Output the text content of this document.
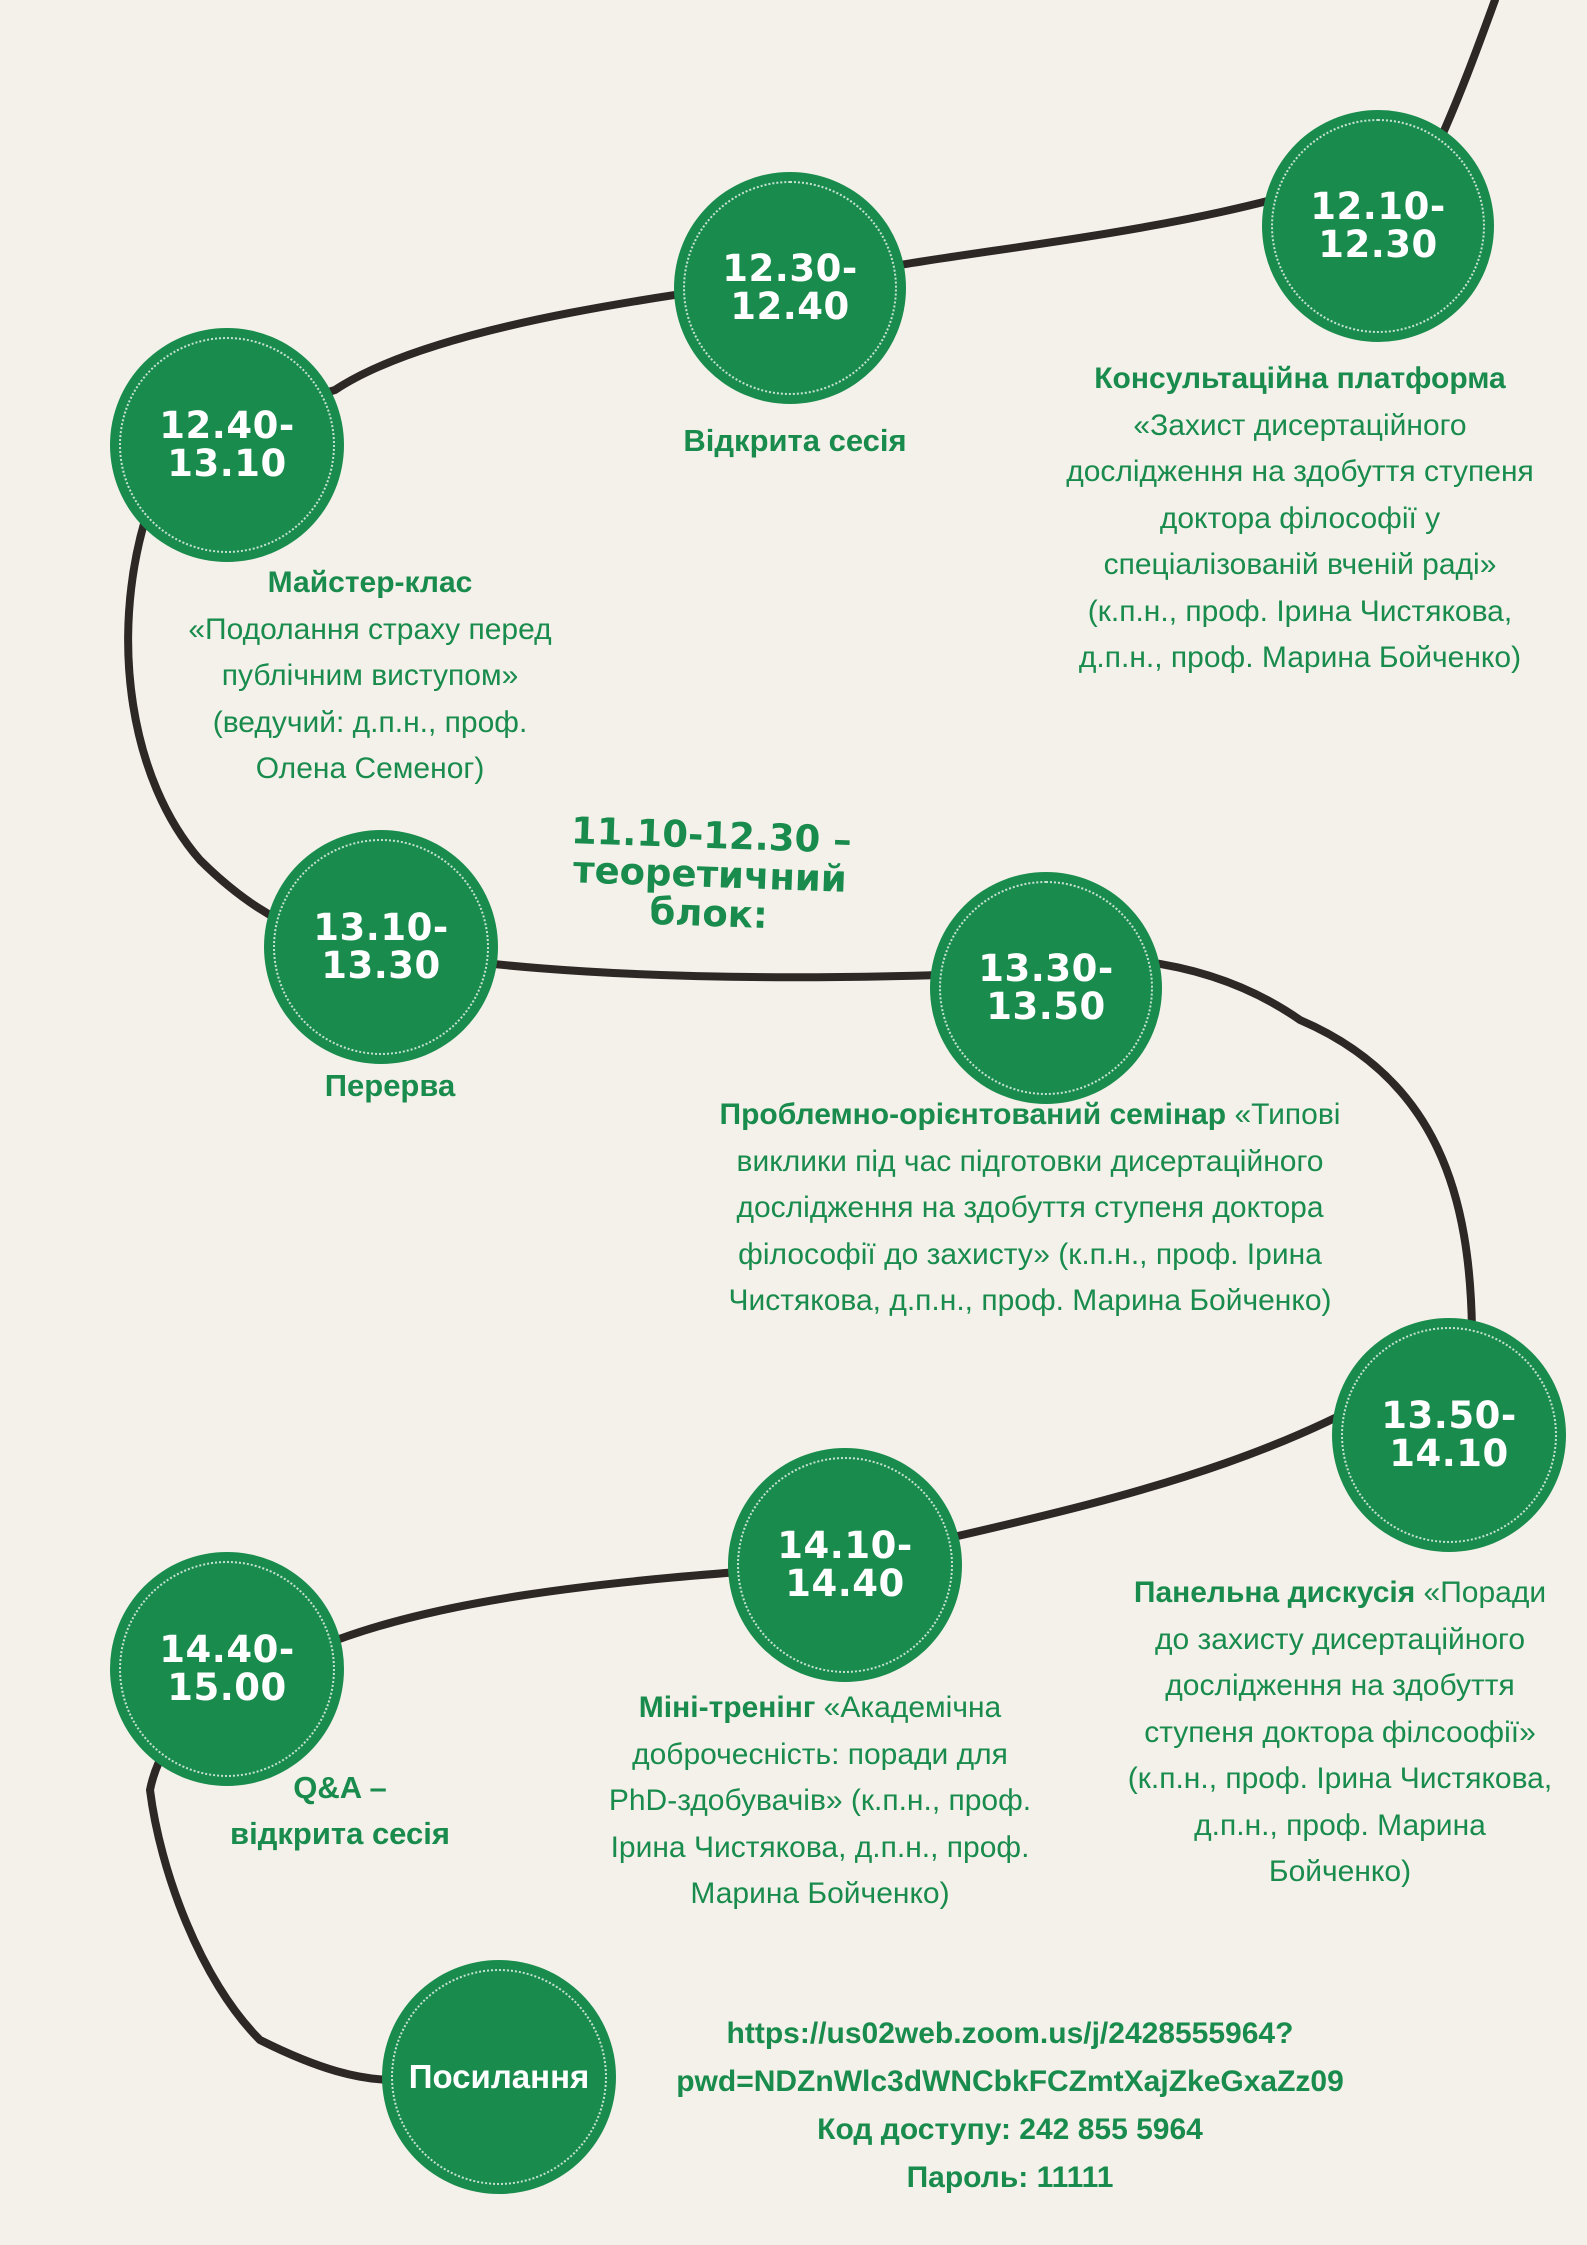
11.10-12.30 –
теоретичний
блок:
12.10-
12.30
Консультаційна платформа
«Захист дисертаційного
дослідження на здобуття ступеня
доктора філософії у
спеціалізованій вченій раді»
(к.п.н., проф. Ірина Чистякова,
д.п.н., проф. Марина Бойченко)
12.30-
12.40
Відкрита сесія
12.40-
13.10
Майстер-клас
«Подолання страху перед
публічним виступом»
(ведучий: д.п.н., проф.
Олена Семеног)
13.10-
13.30
Перерва
13.30-
13.50
Проблемно-орієнтований семінар «Типові
виклики під час підготовки дисертаційного
дослідження на здобуття ступеня доктора
філософії до захисту» (к.п.н., проф. Ірина
Чистякова, д.п.н., проф. Марина Бойченко)
13.50-
14.10
Панельна дискусія «Поради
до захисту дисертаційного
дослідження на здобуття
ступеня доктора філсоофії»
(к.п.н., проф. Ірина Чистякова,
д.п.н., проф. Марина
Бойченко)
14.10-
14.40
Міні-тренінг «Академічна
доброчесність: поради для
PhD-здобувачів» (к.п.н., проф.
Ірина Чистякова, д.п.н., проф.
Марина Бойченко)
14.40-
15.00
Q&A –
відкрита сесія
Посилання
https://us02web.zoom.us/j/2428555964?
pwd=NDZnWlc3dWNCbkFCZmtXajZkeGxaZz09
Код доступу: 242 855 5964
Пароль: 11111
